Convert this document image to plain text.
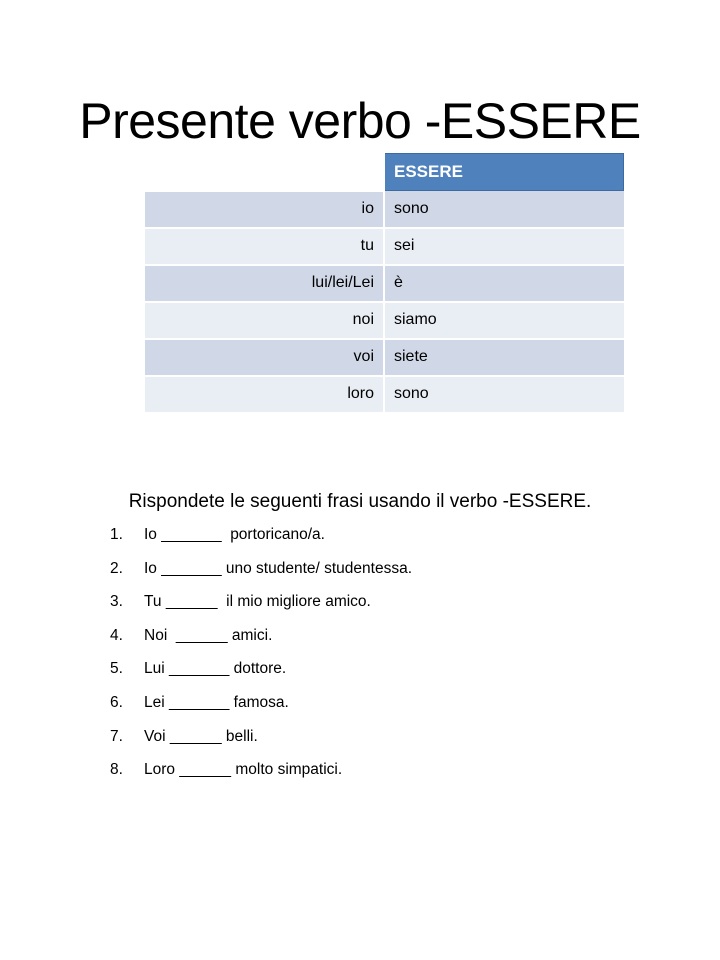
Presente verbo -ESSERE
	ESSERE
io	sono
tu	sei
lui/lei/Lei	è
noi	siamo
voi	siete
loro	sono

Rispondete le seguenti frasi usando il verbo -ESSERE.

1.	Io _______  portoricano/a.
2.	Io _______ uno studente/ studentessa.
3.	Tu ______  il mio migliore amico.
4.	Noi  ______ amici.
5.	Lui _______ dottore.
6.	Lei _______ famosa.
7.	Voi ______ belli.
8.	Loro ______ molto simpatici.
